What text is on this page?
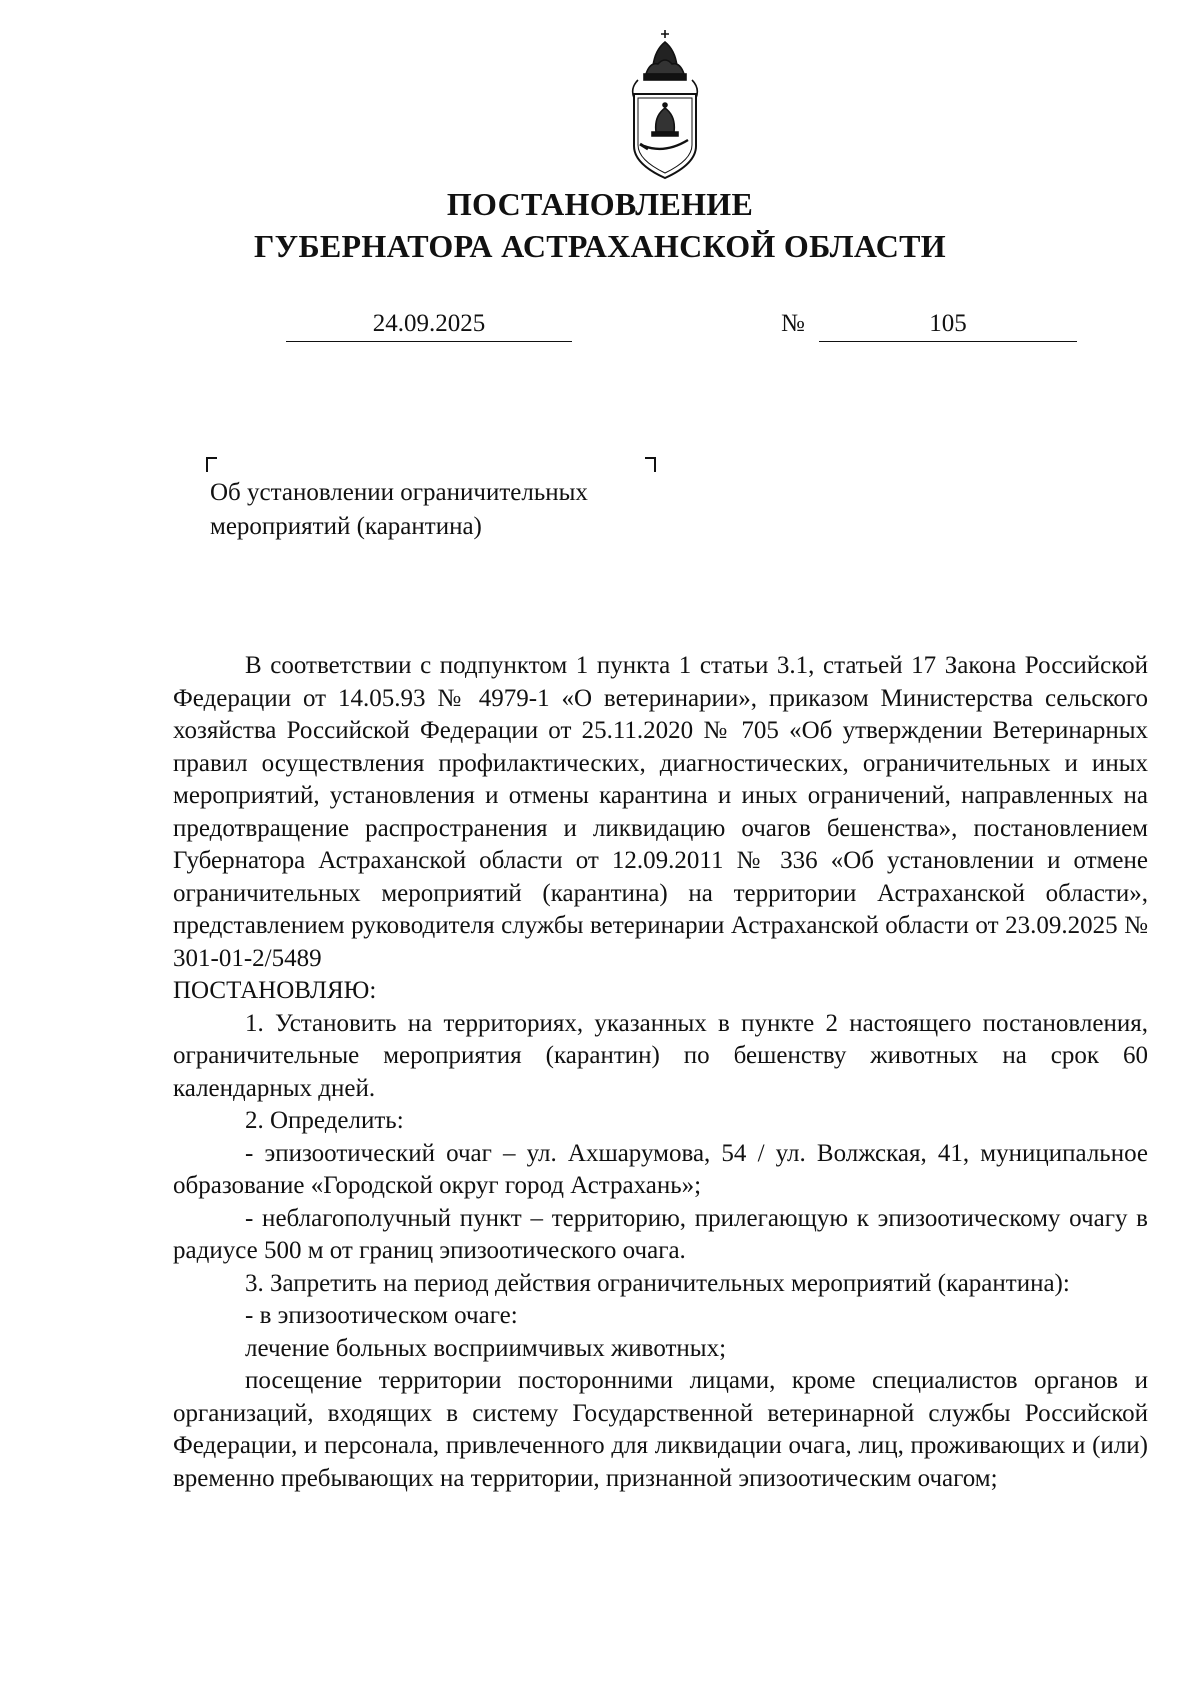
ПОСТАНОВЛЕНИЕ
ГУБЕРНАТОРА АСТРАХАНСКОЙ ОБЛАСТИ
24.09.2025	№	105
Об установлении ограничительных
мероприятий (карантина)

В соответствии с подпунктом 1 пункта 1 статьи 3.1, статьей 17 Закона Российской Федерации от 14.05.93 № 4979-1 «О ветеринарии», приказом Министерства сельского хозяйства Российской Федерации от 25.11.2020 № 705 «Об утверждении Ветеринарных правил осуществления профилактических, диагностических, ограничительных и иных мероприятий, установления и отмены карантина и иных ограничений, направленных на предотвращение распространения и ликвидацию очагов бешенства», постановлением Губернатора Астраханской области от 12.09.2011 № 336 «Об установлении и отмене ограничительных мероприятий (карантина) на территории Астраханской области», представлением руководителя службы ветеринарии Астраханской области от 23.09.2025 № 301-01-2/5489

ПОСТАНОВЛЯЮ:

1. Установить на территориях, указанных в пункте 2 настоящего постановления, ограничительные мероприятия (карантин) по бешенству животных на срок 60 календарных дней.

2. Определить:

- эпизоотический очаг – ул. Ахшарумова, 54 / ул. Волжская, 41, муниципальное образование «Городской округ город Астрахань»;

- неблагополучный пункт – территорию, прилегающую к эпизоотическому очагу в радиусе 500 м от границ эпизоотического очага.

3. Запретить на период действия ограничительных мероприятий (карантина):

- в эпизоотическом очаге:

лечение больных восприимчивых животных;

посещение территории посторонними лицами, кроме специалистов органов и организаций, входящих в систему Государственной ветеринарной службы Российской Федерации, и персонала, привлеченного для ликвидации очага, лиц, проживающих и (или) временно пребывающих на территории, признанной эпизоотическим очагом;
